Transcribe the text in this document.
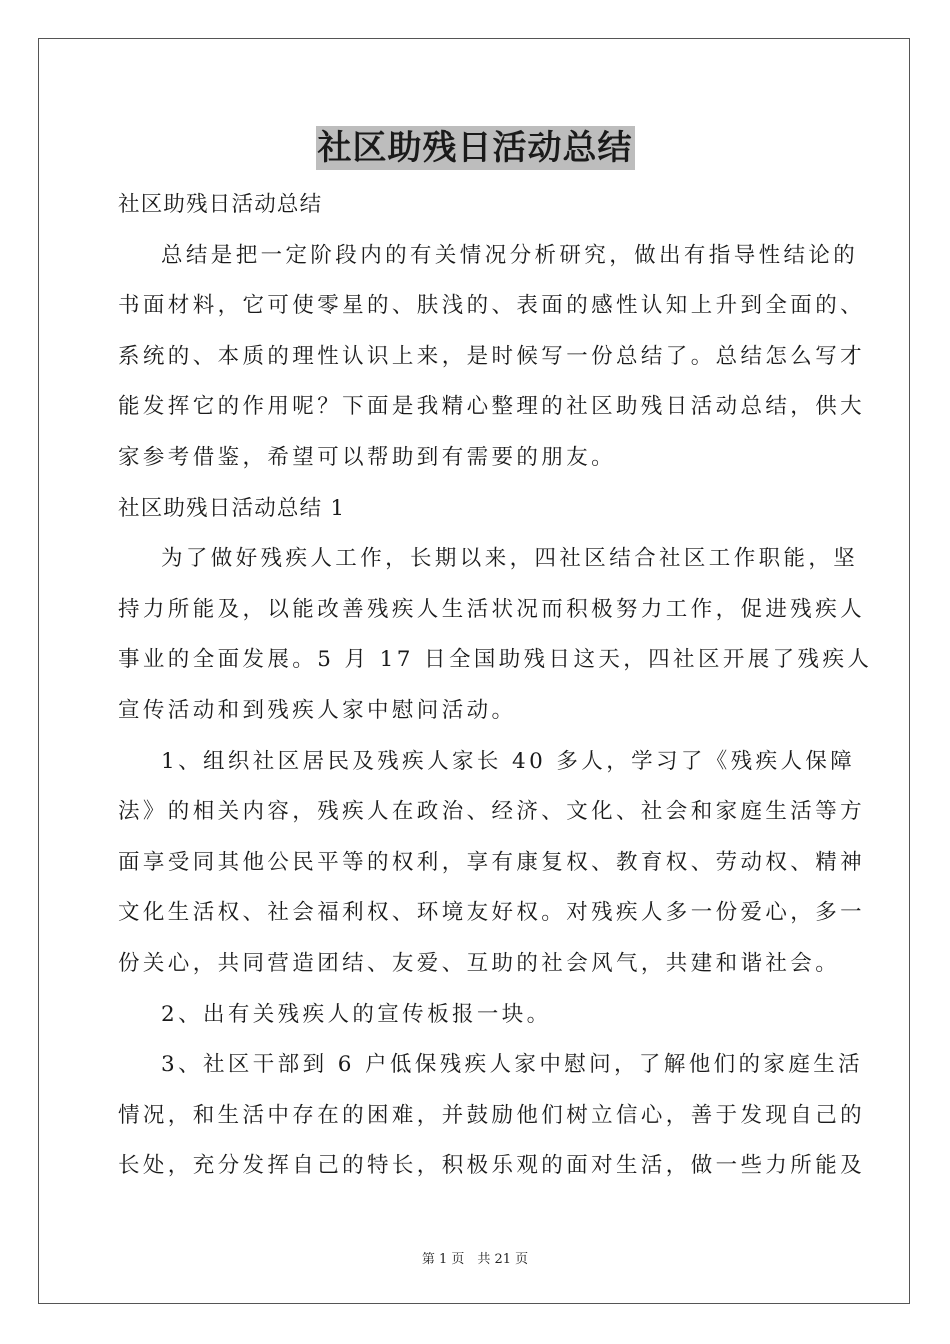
社区助残日活动总结
社区助残日活动总结
总结是把一定阶段内的有关情况分析研究，做出有指导性结论的
书面材料，它可使零星的、肤浅的、表面的感性认知上升到全面的、
系统的、本质的理性认识上来，是时候写一份总结了。总结怎么写才
能发挥它的作用呢？下面是我精心整理的社区助残日活动总结，供大
家参考借鉴，希望可以帮助到有需要的朋友。
社区助残日活动总结 1
为了做好残疾人工作，长期以来，四社区结合社区工作职能，坚
持力所能及，以能改善残疾人生活状况而积极努力工作，促进残疾人
事业的全面发展。5 月 17 日全国助残日这天，四社区开展了残疾人
宣传活动和到残疾人家中慰问活动。
1、组织社区居民及残疾人家长 40 多人，学习了《残疾人保障
法》的相关内容，残疾人在政治、经济、文化、社会和家庭生活等方
面享受同其他公民平等的权利，享有康复权、教育权、劳动权、精神
文化生活权、社会福利权、环境友好权。对残疾人多一份爱心，多一
份关心，共同营造团结、友爱、互助的社会风气，共建和谐社会。
2、出有关残疾人的宣传板报一块。
3、社区干部到 6 户低保残疾人家中慰问，了解他们的家庭生活
情况，和生活中存在的困难，并鼓励他们树立信心，善于发现自己的
长处，充分发挥自己的特长，积极乐观的面对生活，做一些力所能及
第 1 页　共 21 页
